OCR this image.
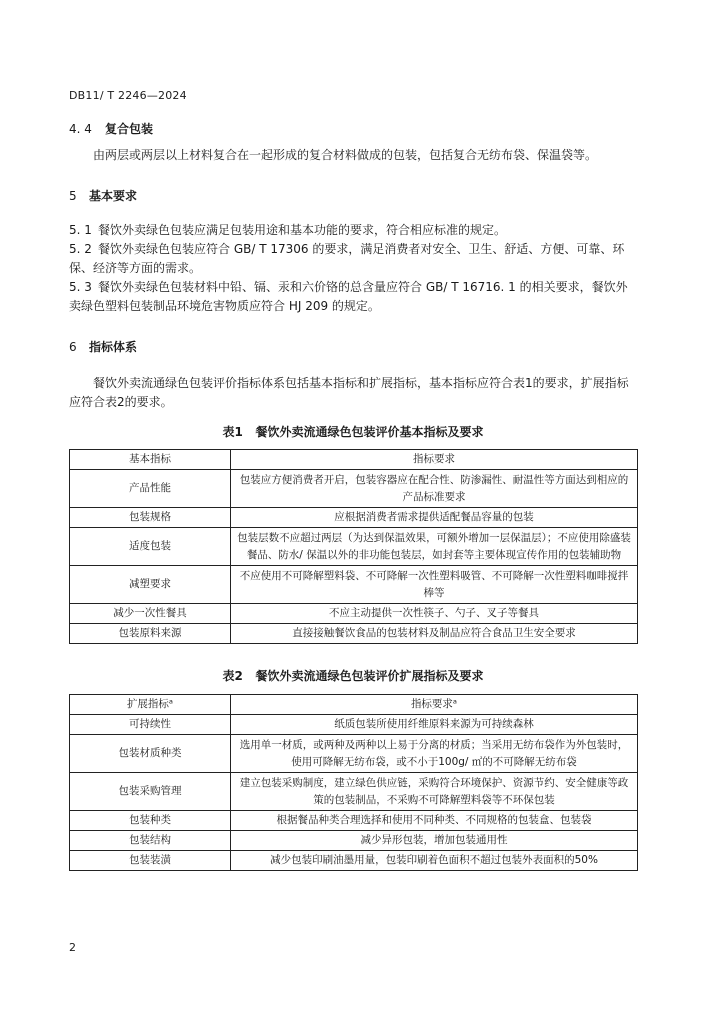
DB11/ T 2246—2024
4. 4 复合包装
由两层或两层以上材料复合在一起形成的复合材料做成的包装，包括复合无纺布袋、保温袋等。
5 基本要求
5. 1 餐饮外卖绿色包装应满足包装用途和基本功能的要求，符合相应标准的规定。
5. 2 餐饮外卖绿色包装应符合 GB/ T 17306 的要求，满足消费者对安全、卫生、舒适、方便、可靠、环保、经济等方面的需求。
5. 3 餐饮外卖绿色包装材料中铅、镉、汞和六价铬的总含量应符合 GB/ T 16716. 1 的相关要求，餐饮外卖绿色塑料包装制品环境危害物质应符合 HJ 209 的规定。
6 指标体系
餐饮外卖流通绿色包装评价指标体系包括基本指标和扩展指标，基本指标应符合表1的要求，扩展指标应符合表2的要求。
表1 餐饮外卖流通绿色包装评价基本指标及要求
基本指标	指标要求
产品性能	包装应方便消费者开启，包装容器应在配合性、防渗漏性、耐温性等方面达到相应的产品标准要求
包装规格	应根据消费者需求提供适配餐品容量的包装
适度包装	包装层数不应超过两层（为达到保温效果，可额外增加一层保温层）；不应使用除盛装餐品、防水/ 保温以外的非功能包装层，如封套等主要体现宣传作用的包装辅助物
减塑要求	不应使用不可降解塑料袋、不可降解一次性塑料吸管、不可降解一次性塑料咖啡搅拌棒等
减少一次性餐具	不应主动提供一次性筷子、勺子、叉子等餐具
包装原料来源	直接接触餐饮食品的包装材料及制品应符合食品卫生安全要求
表2 餐饮外卖流通绿色包装评价扩展指标及要求
扩展指标ᵃ	指标要求ᵃ
可持续性	纸质包装所使用纤维原料来源为可持续森林
包装材质种类	选用单一材质，或两种及两种以上易于分离的材质；当采用无纺布袋作为外包装时，使用可降解无纺布袋，或不小于100g/ ㎡的不可降解无纺布袋
包装采购管理	建立包装采购制度，建立绿色供应链，采购符合环境保护、资源节约、安全健康等政策的包装制品，不采购不可降解塑料袋等不环保包装
包装种类	根据餐品种类合理选择和使用不同种类、不同规格的包装盒、包装袋
包装结构	减少异形包装，增加包装通用性
包装装潢	减少包装印刷油墨用量，包装印刷着色面积不超过包装外表面积的50%
2
